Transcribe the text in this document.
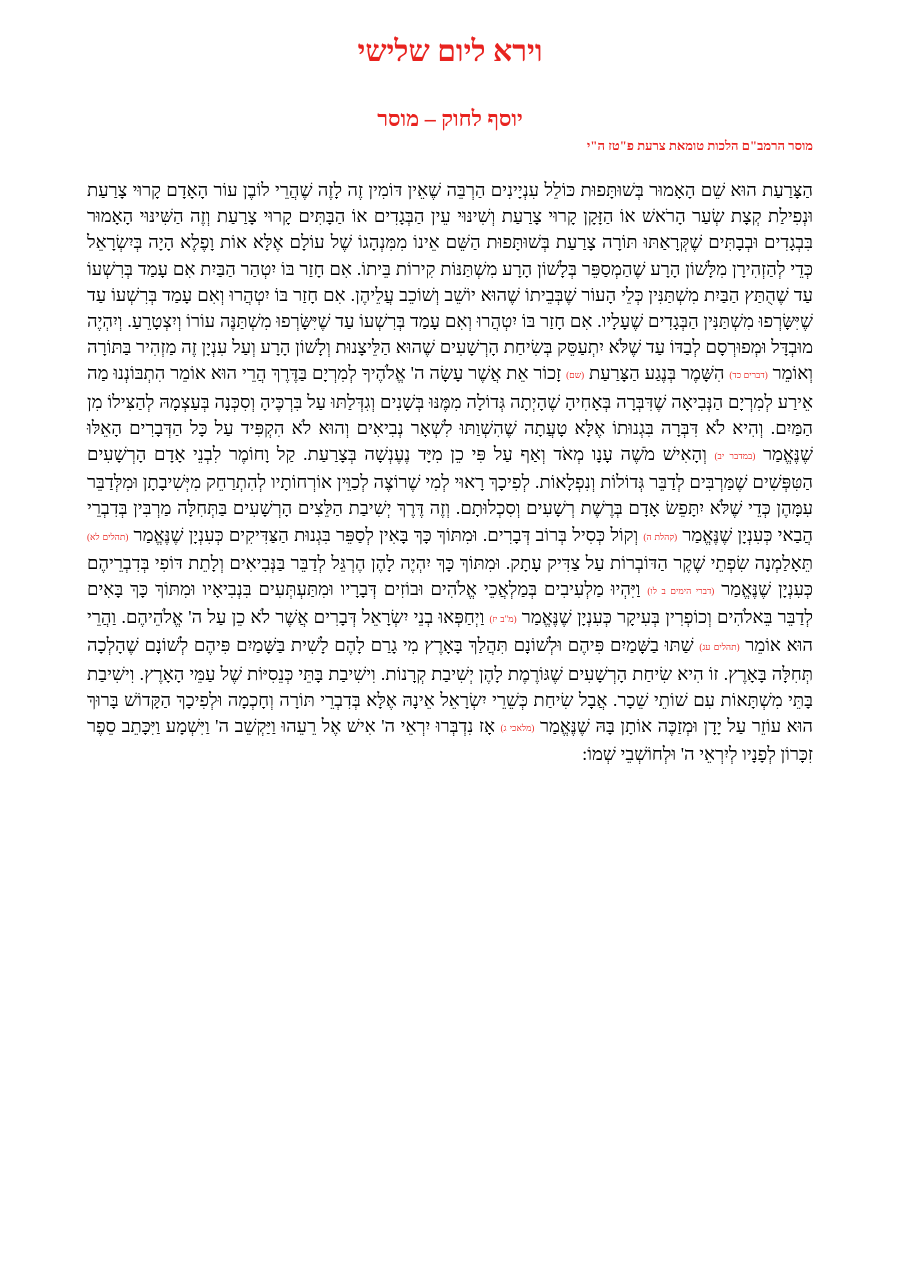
וירא ליום שלישי
יוסף לחוק – מוסר
מוסר הרמב"ם הלכות טומאת צרעת פ"טז ה"י

הַצָּרַעַת הוּא שֵׁם הָאָמוּר בְּשׁוּתָּפוּת כּוֹלֵל עִנְיָינִים הַרְבֵּה שֶׁאֵין דּוֹמִין זֶה לָזֶה שֶׁהֲרֵי לוֹבֶן עוֹר הָאָדָם קָרוּי צָרַעַת וּנְפִילַת קְצָת שְׂעַר הָרֹאשׁ אוֹ הַזָּקָן קָרוּי צָרַעַת וְשִׁינּוּי עֵין הַבְּגָדִים אוֹ הַבָּתִּים קָרוּי צָרַעַת וְזֶה הַשִּׁינּוּי הָאָמוּר בִּבְגָדִים וּבְבָתִּים שֶׁקְּרָאַתּוּ תּוֹרָה צָרַעַת בְּשׁוּתָּפוּת הַשֵּׁם אֵינוֹ מִמִּנְהָגוֹ שֶׁל עוֹלָם אֶלָּא אוֹת וָפֶלֶא הָיָה בְּיִשְׂרָאֵל כְּדֵי לְהַזְהִירָן מִלָּשׁוֹן הָרָע שֶׁהַמְסַפֵּר בְּלָשׁוֹן הָרָע מִשְׁתַּנּוֹת קִירוֹת בֵּיתוֹ. אִם חָזַר בּוֹ יִטְהַר הַבַּיִת אִם עָמַד בְּרִשְׁעוֹ עַד שֶׁהֻתַּץ הַבַּיִת מִשְׁתַּנִּין כְּלֵי הָעוֹר שֶׁבְּבֵיתוֹ שֶׁהוּא יוֹשֵׁב וְשׁוֹכֵב עֲלֵיהֶן. אִם חָזַר בּוֹ יִטְהֲרוּ וְאִם עָמַד בְּרִשְׁעוֹ עַד שֶׁיִּשָּׂרְפוּ מִשְׁתַּנִּין הַבְּגָדִים שֶׁעָלָיו. אִם חָזַר בּוֹ יִטְהֲרוּ וְאִם עָמַד בְּרִשְׁעוֹ עַד שֶׁיִּשָּׂרְפוּ מִשְׁתַּנֶּה עוֹרוֹ וְיִצְטָרֵעַ. וְיִהְיֶה מוּבְדָּל וּמְפוּרְסָם לְבַדּוֹ עַד שֶׁלֹּא יִתְעַסֵּק בְּשִׂיחַת הָרְשָׁעִים שֶׁהוּא הַלֵּיצָנוּת וְלָשׁוֹן הָרָע וְעַל עִנְיָן זֶה מַזְהִיר בַּתּוֹרָה וְאוֹמֵר (דברים כד) הִשָּׁמֶר בְּנֶגַע הַצָּרַעַת (שם) זָכוֹר אֵת אֲשֶׁר עָשָׂה ה' אֱלֹהֶיךָ לְמִרְיָם בַּדֶּרֶךְ הֲרֵי הוּא אוֹמֵר הִתְבּוֹנְנוּ מַה אֵירַע לְמִרְיָם הַנְּבִיאָה שֶׁדִּבְּרָה בְּאָחִיהָ שֶׁהָיְתָה גְּדוֹלָה מִמֶּנּוּ בְּשָׁנִים וְגִדְּלַתּוּ עַל בִּרְכֶּיהָ וְסִכְּנָה בְּעַצְמָהּ לְהַצִּילוֹ מִן הַמַּיִם. וְהִיא לֹא דִּבְּרָה בִּגְנוּתוֹ אֶלָּא טָעֲתָה שֶׁהִשְׁוַתּוּ לִשְׁאָר נְבִיאִים וְהוּא לֹא הִקְפִּיד עַל כָּל הַדְּבָרִים הָאֵלּוּ שֶׁנֶּאֱמַר (במדבר יב) וְהָאִישׁ מֹשֶׁה עָנָו מְאֹד וְאַף עַל פִּי כֵן מִיָּד נֶעֶנְשָׁה בְּצָרַעַת. קַל וָחוֹמֶר לִבְנֵי אָדָם הָרְשָׁעִים הַטִּפְּשִׁים שֶׁמַּרְבִּים לְדַבֵּר גְּדוֹלוֹת וְנִפְלָאוֹת. לְפִיכָךְ רָאוּי לְמִי שֶׁרוֹצֶה לְכַוֵּין אוֹרְחוֹתָיו לְהִתְרַחֵק מִיְּשִׁיבָתָן וּמִלְּדַבֵּר עִמָּהֶן כְּדֵי שֶׁלֹּא יִתָּפֵשׂ אָדָם בְּרֶשֶׁת רְשָׁעִים וְסִכְלוּתָם. וְזֶה דֶּרֶךְ יְשִׁיבַת הַלֵּצִים הָרְשָׁעִים בַּתְּחִלָּה מַרְבִּין בְּדִבְרֵי הֲבַאי כְּעִנְיָן שֶׁנֶּאֱמַר (קהלת ה) וְקוֹל כְּסִיל בְּרוֹב דְּבָרִים. וּמִתּוֹךְ כָּךְ בָּאִין לְסַפֵּר בִּגְנוּת הַצַּדִּיקִים כְּעִנְיָן שֶׁנֶּאֱמַר (תהלים לא) תֵּאָלַמְנָה שִׂפְתֵי שֶׁקֶר הַדּוֹבְרוֹת עַל צַדִּיק עָתָק. וּמִתּוֹךְ כָּךְ יִהְיֶה לָהֶן הֶרְגֵּל לְדַבֵּר בַּנְּבִיאִים וְלָתֵת דּוֹפִי בְּדִבְרֵיהֶם כְּעִנְיָן שֶׁנֶּאֱמַר (דברי הימים ב לו) וַיִּהְיוּ מַלְעִיבִים בְּמַלְאֲכֵי אֱלֹהִים וּבוֹזִים דְּבָרָיו וּמִתַּעְתְּעִים בִּנְבִיאָיו וּמִתּוֹךְ כָּךְ בָּאִים לְדַבֵּר בֵּאלֹהִים וְכוֹפְרִין בְּעִיקָר כְּעִנְיָן שֶׁנֶּאֱמַר (מ"ב יז) וַיְחַפְּאוּ בְנֵי יִשְׂרָאֵל דְּבָרִים אֲשֶׁר לֹא כֵן עַל ה' אֱלֹהֵיהֶם. וַהֲרֵי הוּא אוֹמֵר (תהלים עג) שַׁתּוּ בַשָּׁמַיִם פִּיהֶם וּלְשׁוֹנָם תִּהֲלַךְ בָּאָרֶץ מִי גָרַם לָהֶם לָשִׁית בַּשָּׁמַיִם פִּיהֶם לְשׁוֹנָם שֶׁהָלְכָה תְּחִלָּה בָּאָרֶץ. זוֹ הִיא שִׂיחַת הָרְשָׁעִים שֶׁגּוֹרֶמֶת לָהֶן יְשִׁיבַת קְרָנוֹת. וִישִׁיבַת בָּתֵּי כְּנֵסִיּוֹת שֶׁל עַמֵּי הָאָרֶץ. וִישִׁיבַת בָּתֵּי מִשְׁתָּאוֹת עִם שׁוֹתֵי שֵׁכָר. אֲבָל שִׂיחַת כְּשֵׁרֵי יִשְׂרָאֵל אֵינָהּ אֶלָּא בְּדִבְרֵי תּוֹרָה וְחָכְמָה וּלְפִיכָךְ הַקָּדוֹשׁ בָּרוּךְ הוּא עוֹזֵר עַל יָדָן וּמְזַכֶּה אוֹתָן בָּהּ שֶׁנֶּאֱמַר (מלאכי ג) אָז נִדְבְּרוּ יִרְאֵי ה' אִישׁ אֶל רֵעֵהוּ וַיַּקְשֵׁב ה' וַיִּשְׁמָע וַיִּכָּתֵב סֵפֶר זִכָּרוֹן לְפָנָיו לְיִרְאֵי ה' וּלְחוֹשְׁבֵי שְׁמוֹ:
